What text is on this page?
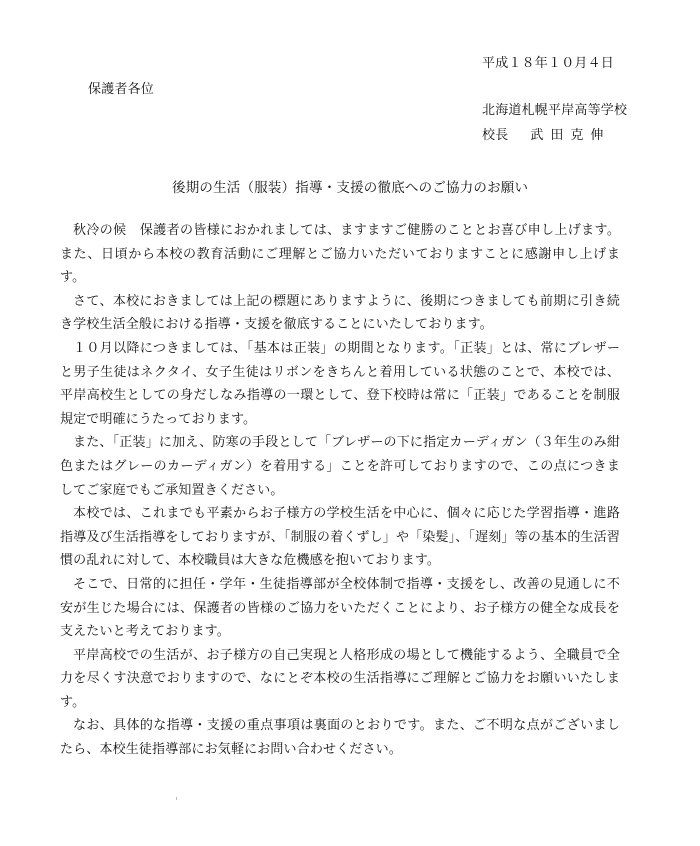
平成１８年１０月４日
保護者各位
北海道札幌平岸高等学校
校長 武田克伸
後期の生活（服装）指導・支援の徹底へのご協力のお願い

秋冷の候　保護者の皆様におかれましては、ますますご健勝のこととお喜び申し上げます。また、日頃から本校の教育活動にご理解とご協力いただいておりますことに感謝申し上げます。

さて、本校におきましては上記の標題にありますように、後期につきましても前期に引き続き学校生活全般における指導・支援を徹底することにいたしております。

１０月以降につきましては、「基本は正装」の期間となります。「正装」とは、常にブレザーと男子生徒はネクタイ、女子生徒はリボンをきちんと着用している状態のことで、本校では、平岸高校生としての身だしなみ指導の一環として、登下校時は常に「正装」であることを制服規定で明確にうたっております。

また、「正装」に加え、防寒の手段として「ブレザーの下に指定カーディガン（３年生のみ紺色またはグレーのカーディガン）を着用する」ことを許可しておりますので、この点につきましてご家庭でもご承知置きください。

本校では、これまでも平素からお子様方の学校生活を中心に、個々に応じた学習指導・進路指導及び生活指導をしておりますが、「制服の着くずし」や「染髪」、「遅刻」等の基本的生活習慣の乱れに対して、本校職員は大きな危機感を抱いております。

そこで、日常的に担任・学年・生徒指導部が全校体制で指導・支援をし、改善の見通しに不安が生じた場合には、保護者の皆様のご協力をいただくことにより、お子様方の健全な成長を支えたいと考えております。

平岸高校での生活が、お子様方の自己実現と人格形成の場として機能するよう、全職員で全力を尽くす決意でおりますので、なにとぞ本校の生活指導にご理解とご協力をお願いいたします。

なお、具体的な指導・支援の重点事項は裏面のとおりです。また、ご不明な点がございましたら、本校生徒指導部にお気軽にお問い合わせください。
